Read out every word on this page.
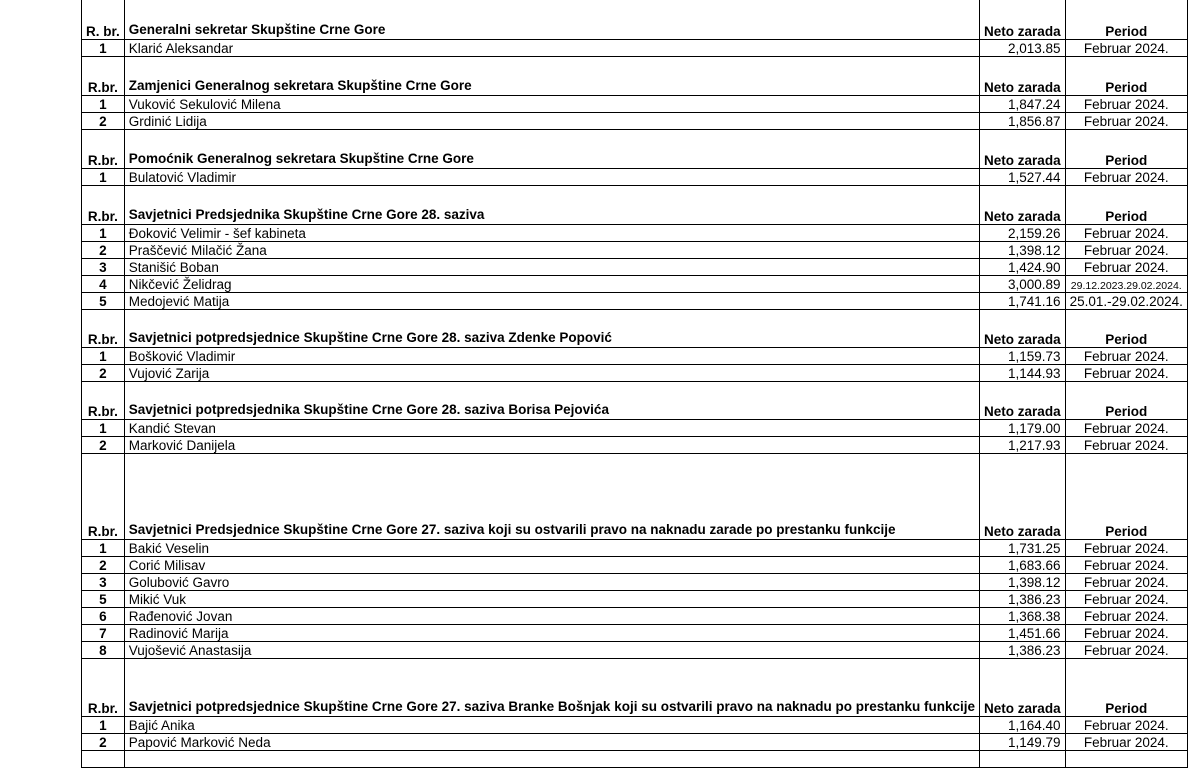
R. br.	Generalni sekretar Skupštine Crne Gore	Neto zarada	Period
1	Klarić Aleksandar	2,013.85	Februar 2024.

R.br.	Zamjenici Generalnog sekretara Skupštine Crne Gore	Neto zarada	Period
1	Vuković Sekulović Milena	1,847.24	Februar 2024.
2	Grdinić Lidija	1,856.87	Februar 2024.

R.br.	Pomoćnik Generalnog sekretara Skupštine Crne Gore	Neto zarada	Period
1	Bulatović Vladimir	1,527.44	Februar 2024.

R.br.	Savjetnici Predsjednika Skupštine Crne Gore 28. saziva	Neto zarada	Period
1	Đoković Velimir - šef kabineta	2,159.26	Februar 2024.
2	Praščević Milačić Žana	1,398.12	Februar 2024.
3	Stanišić Boban	1,424.90	Februar 2024.
4	Nikčević Želidrag	3,000.89	29.12.2023.29.02.2024.
5	Medojević Matija	1,741.16	25.01.-29.02.2024.
R.br.	Savjetnici potpredsjednice Skupštine Crne Gore 28. saziva Zdenke Popović	Neto zarada	Period
1	Bošković Vladimir	1,159.73	Februar 2024.
2	Vujović Zarija	1,144.93	Februar 2024.
R.br.	Savjetnici potpredsjednika Skupštine Crne Gore 28. saziva Borisa Pejovića	Neto zarada	Period
1	Kandić Stevan	1,179.00	Februar 2024.
2	Marković Danijela	1,217.93	Februar 2024.

R.br.	Savjetnici Predsjednice Skupštine Crne Gore 27. saziva koji su ostvarili pravo na naknadu zarade po prestanku funkcije	Neto zarada	Period
1	Bakić Veselin	1,731.25	Februar 2024.
2	Corić Milisav	1,683.66	Februar 2024.
3	Golubović Gavro	1,398.12	Februar 2024.
5	Mikić Vuk	1,386.23	Februar 2024.
6	Rađenović Jovan	1,368.38	Februar 2024.
7	Radinović Marija	1,451.66	Februar 2024.
8	Vujošević Anastasija	1,386.23	Februar 2024.
R.br.	Savjetnici potpredsjednice Skupštine Crne Gore 27. saziva Branke Bošnjak koji su ostvarili pravo na naknadu po prestanku funkcije	Neto zarada	Period
1	Bajić Anika	1,164.40	Februar 2024.
2	Papović Marković Neda	1,149.79	Februar 2024.
